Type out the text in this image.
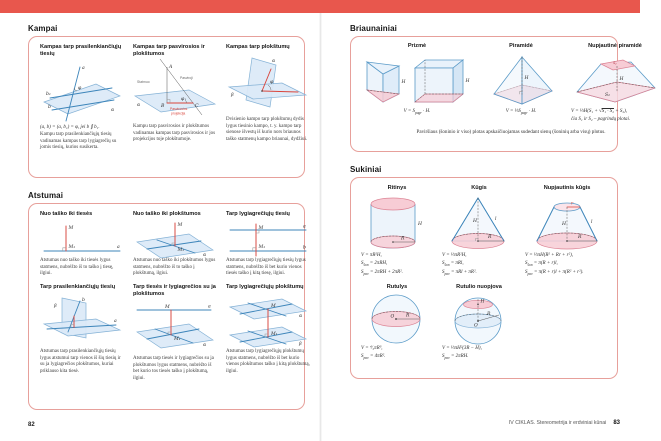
Kampai
Kampas tarp prasilenkiančiųjų tiesių
a
b₁
b
φ
α
(a, b) = (a, b₁) = φ, jei b ∥ b₁.
Kampu tarp prasilenkiančiųjų tiesių vadinamas kampas tarp lygiagrečių su jomis tiesių, kurios susikerta.
Kampas tarp pasvirosios ir plokštumos
A
Statmuo
Pasviroji
B	C
φ
Pasvirosios
projekcija
α
Kampu tarp pasvirosios ir plokštumos vadinamas kampas tarp pasvirosios ir jos projekcijos toje plokštumoje.
Kampas tarp plokštumų
α
β
φ
Dvisienio kampo tarp plokštumų dydis lygus tiesinio kampo, t. y. kampo tarp sienose išvestų iš kurio nors briaunos taško statmenų kampo briaunai, dydžiui.
Atstumai
Nuo taško iki tiesės
M
M₁	a
Atstumas nuo taško iki tiesės lygus statmens, nubrėžto iš to taško į tiesę, ilgiui.
Nuo taško iki plokštumos
M
M₁
α
Atstumas nuo taško iki plokštumos lygus statmens, nubrėžto iš to taško į plokštumą, ilgiui.
Tarp lygiagrečiųjų tiesių
M
M₁
a
b
Atstumas tarp lygiagrečiųjų tiesių lygus statmens, nubrėžto iš bet kurio vienos tiesės taško į kitą tiesę, ilgiui.
Tarp prasilenkiančiųjų tiesių
b
a
β
Atstumas tarp prasilenkiančiųjų tiesių lygus atstumui tarp vienos iš šių tiesių ir su ja lygiagrečios plokštumos, kuriai priklauso kita tiesė.
Tarp tiesės ir lygiagrečios su ja plokštumos
M	a
M₁
α
Atstumas tarp tiesės ir lygiagrečios su ja plokštumos lygus statmens, nubrėžto iš bet kurio tos tiesės taško į plokštumą, ilgiui.
Tarp lygiagrečiųjų plokštumų
M
M₁
α
β
Atstumas tarp lygiagrečiųjų plokštumų lygus statmens, nubrėžto iš bet kurio vienos plokštumos taško į kitą plokštumą, ilgiui.
82
Briaunainiai
Prizmė
H	H
$V = S_{pagr} \cdot H$.
Piramidė
H
$V = \frac{1}{3}S_{pagr} \cdot H$.
Nupjautinė piramidė
S₂
H
S₁
V = ⅓H(S₁ + √S₁ · S₂ + S₂),
čia S₁ ir S₂ – pagrindų plotai.
Paviršiaus (šoninio ir viso) plotas apskaičiuojamas sudedant sienų (šoninių arba visų) plotus.
Sukiniai
Ritinys
R
H
V = πR²H,
$S_{šon} = 2\pi RH$,
$S_{pav} = 2\pi RH + 2\pi R^2$.
Kūgis
H	l
R
V = ⅓πR²H,
$S_{šon} = \pi Rl$,
$S_{pav} = \pi Rl + \pi R^2$.
Nupjautinis kūgis
r
H	l
R
V = ⅓πH(R² + Rr + r²),
$S_{šon} = \pi(R + r)l$,
$S_{pav} = \pi(R + r)l + \pi(R^2 + r^2)$.
Rutulys
O	R
V = ⁴⁄₃πR³,
$S_{pav} = 4\pi R^2$.
Rutulio nuopjova
O
R
H
V = ⅓πH²(3R − H),
$S_{pav} = 2\pi RH$.
IV CIKLAS. Stereometrija ir erdviniai kūnai 83
